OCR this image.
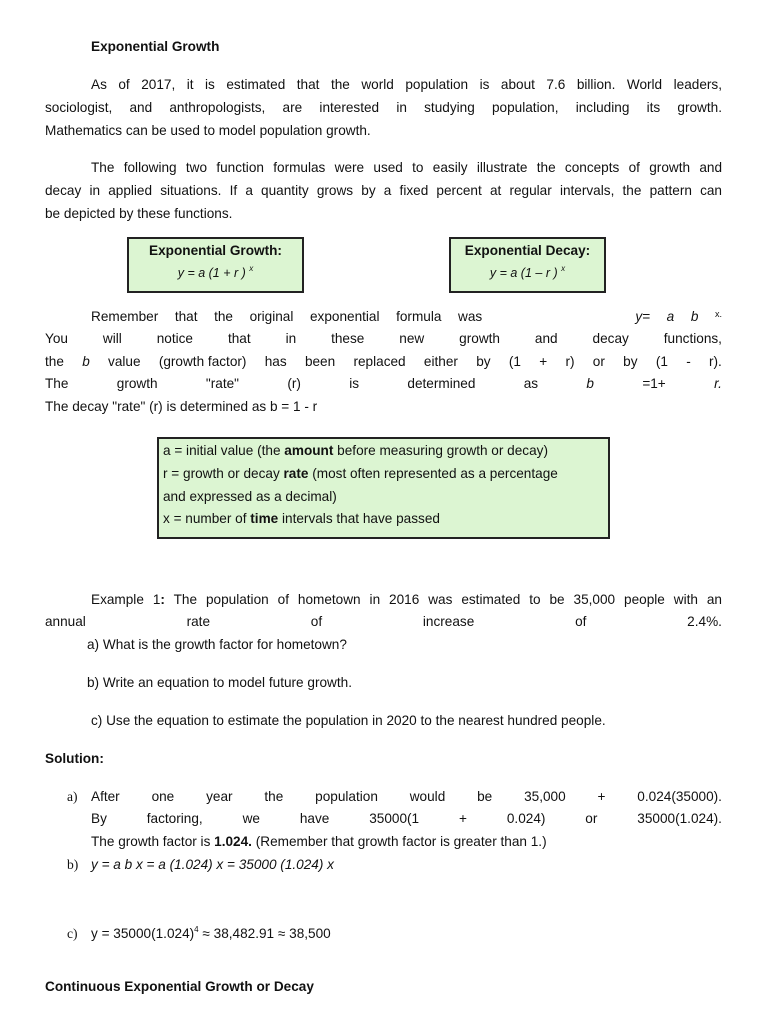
Exponential Growth
As of 2017, it is estimated that the world population is about 7.6 billion. World leaders,
sociologist, and anthropologists, are interested in studying population, including its growth.
Mathematics can be used to model population growth.
The following two function formulas were used to easily illustrate the concepts of growth and
decay in applied situations. If a quantity grows by a fixed percent at regular intervals, the pattern can
be depicted by these functions.
Exponential Growth:
y = a (1 + r ) $^x$
Exponential Decay:
y = a (1 – r ) $^x$
Remember that the original exponential formula was	y= a b x.
You	will	notice	that	in	these	new	growth	and	decay	functions,
the b value (growth factor) has been replaced either by (1 + r) or by (1 - r).
The	growth	"rate"	(r)	is	determined	as	b	=1+	r.
The decay "rate" (r) is determined as b = 1 - r
a = initial value (the amount before measuring growth or decay)
r = growth or decay rate (most often represented as a percentage
and expressed as a decimal)
x = number of time intervals that have passed
Example 1: The population of hometown in 2016 was estimated to be 35,000 people with an
annual	rate	of	increase	of	2.4%.
a) What is the growth factor for hometown?
b) Write an equation to model future growth.
c) Use the equation to estimate the population in 2020 to the nearest hundred people.
Solution:
a) After one year the population would be 35,000 + 0.024(35000).
By	factoring,	we	have	35000(1	+	0.024)	or	35000(1.024).
The growth factor is 1.024. (Remember that growth factor is greater than 1.)
b) y = a b x = a (1.024) x = 35000 (1.024) x
c) $y = 35000(1.024)^4 \approx 38,482.91 \approx 38,500$
Continuous Exponential Growth or Decay
